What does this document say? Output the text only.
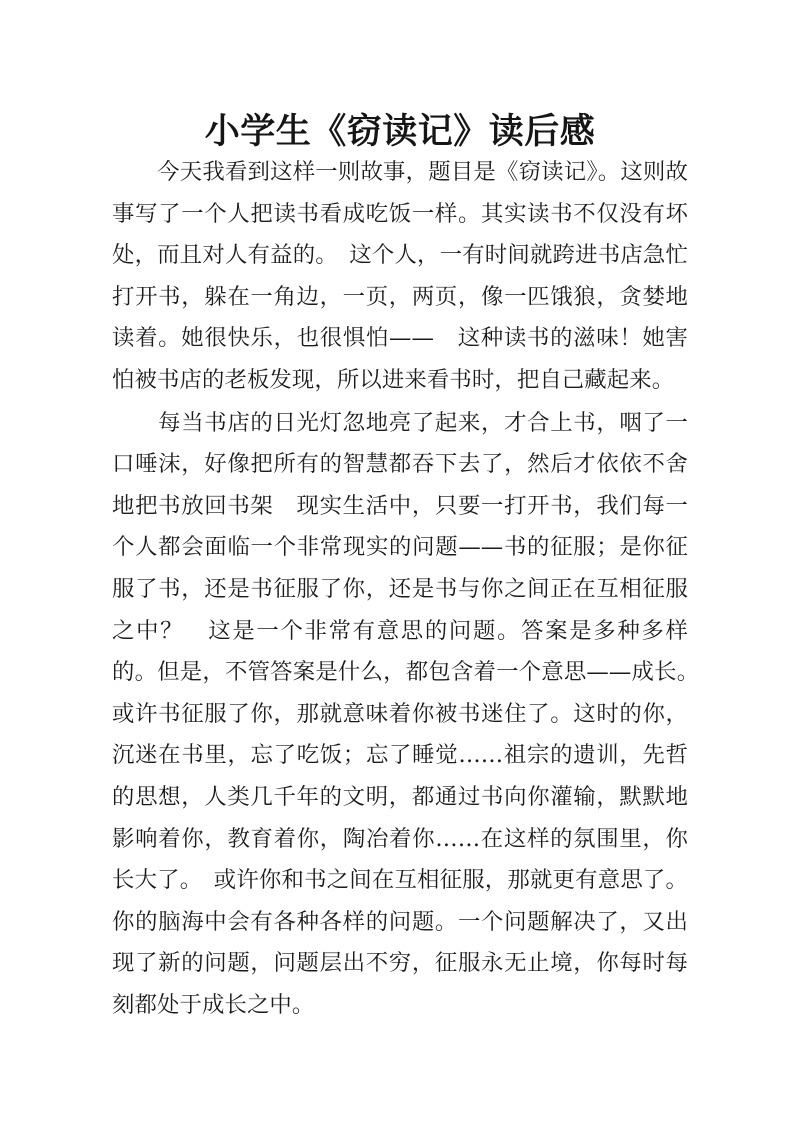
小学生《窃读记》读后感

　　今天我看到这样一则故事，题目是《窃读记》。这则故事写了一个人把读书看成吃饭一样。其实读书不仅没有坏处，而且对人有益的。　这个人，一有时间就跨进书店急忙打开书，躲在一角边，一页，两页，像一匹饿狼，贪婪地读着。她很快乐，也很惧怕——　这种读书的滋味！她害怕被书店的老板发现，所以进来看书时，把自己藏起来。

　　每当书店的日光灯忽地亮了起来，才合上书，咽了一口唾沫，好像把所有的智慧都吞下去了，然后才依依不舍地把书放回书架　现实生活中，只要一打开书，我们每一个人都会面临一个非常现实的问题——书的征服；是你征服了书，还是书征服了你，还是书与你之间正在互相征服之中？　这是一个非常有意思的问题。答案是多种多样的。但是，不管答案是什么，都包含着一个意思——成长。　或许书征服了你，那就意味着你被书迷住了。这时的你，沉迷在书里，忘了吃饭；忘了睡觉……祖宗的遗训，先哲的思想，人类几千年的文明，都通过书向你灌输，默默地影响着你，教育着你，陶冶着你……在这样的氛围里，你长大了。　或许你和书之间在互相征服，那就更有意思了。你的脑海中会有各种各样的问题。一个问题解决了，又出现了新的问题，问题层出不穷，征服永无止境，你每时每刻都处于成长之中。
